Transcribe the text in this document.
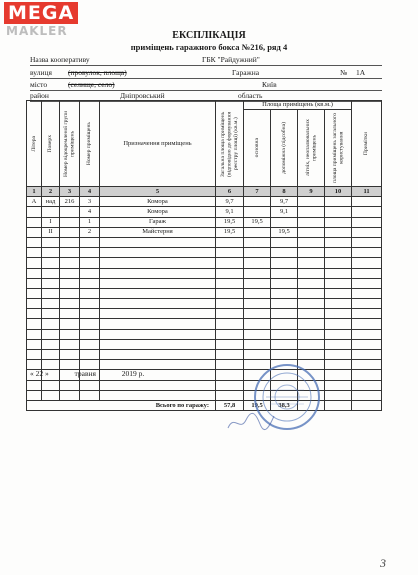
MEGA
MAKLER	ЕКСПЛІКАЦІЯ
приміщень гаражного бокса №216, ряд 4
Назва кооперативу	ГБК "Райдужний"
вулиця (провулок, площа)	Гаражна	№ 1А
місто	(селище, село)	Київ
район	Дніпровський	область
Літера	Поверх	Номер відокремленої групи приміщень	Номер приміщень	Призначення приміщень	Загальна площа приміщень (відповідно до формування реєстру площі) (кв.м.)	Площа приміщень (кв.м.)				Примітки

						основна	допоміжна (підсобна)	літніх, неопалювальних приміщень	площа приміщень загального користування	

1	2	3	4	5	6	7	8	9	10	11
А	над	216	3	Комора	9,7		9,7			
			4	Комора	9,1		9,1			
	I		1	Гараж	19,5	19,5				
	II		2	Майстерня	19,5		19,5			

Всього по гаражу:					57,8	19,5	38,3			
« 22 »	травня	2019 р.
3
